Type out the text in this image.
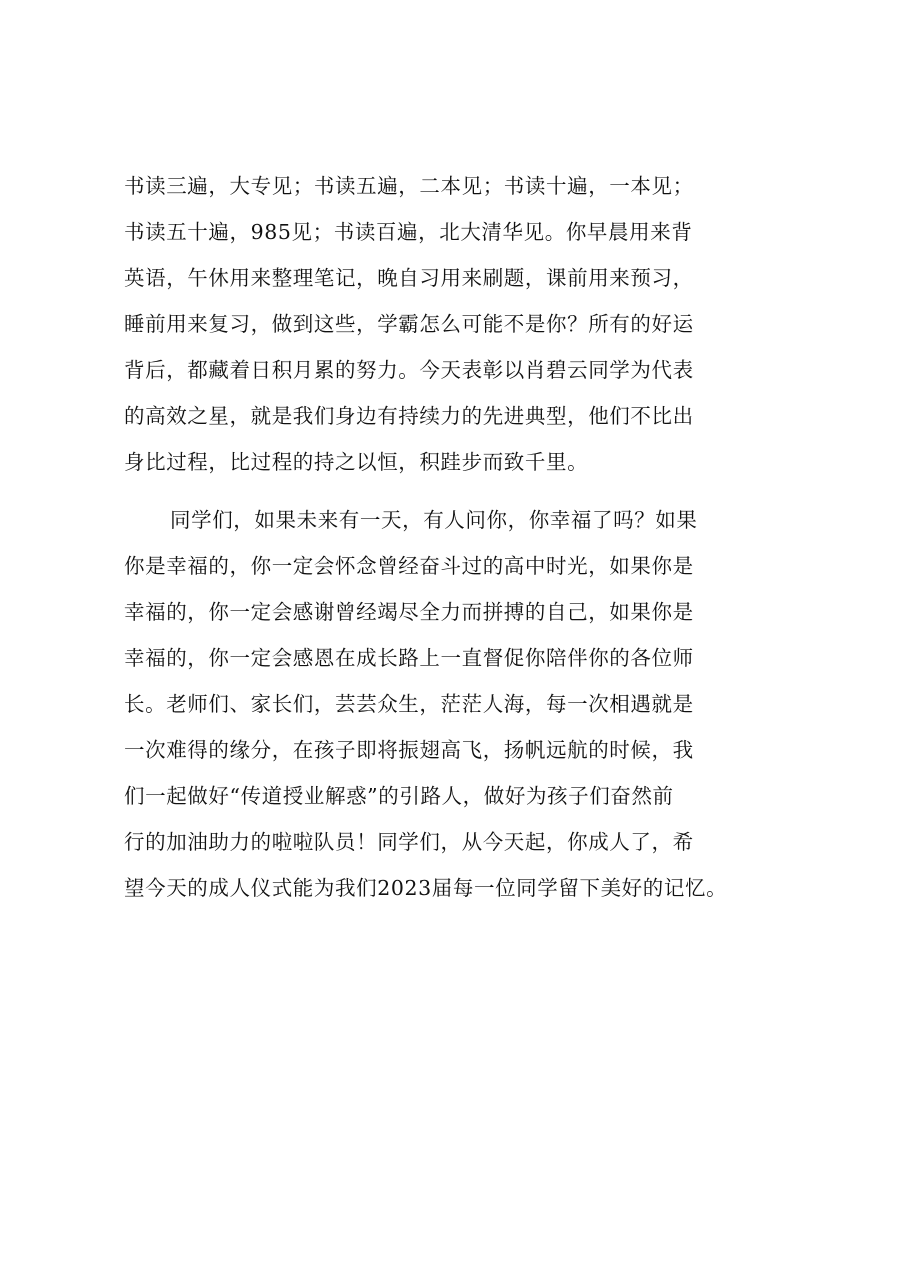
书读三遍，大专见；书读五遍，二本见；书读十遍，一本见；
书读五十遍，985见；书读百遍，北大清华见。你早晨用来背
英语，午休用来整理笔记，晚自习用来刷题，课前用来预习，
睡前用来复习，做到这些，学霸怎么可能不是你？所有的好运
背后，都藏着日积月累的努力。今天表彰以肖碧云同学为代表
的高效之星，就是我们身边有持续力的先进典型，他们不比出
身比过程，比过程的持之以恒，积跬步而致千里。
同学们，如果未来有一天，有人问你，你幸福了吗？如果
你是幸福的，你一定会怀念曾经奋斗过的高中时光，如果你是
幸福的，你一定会感谢曾经竭尽全力而拼搏的自己，如果你是
幸福的，你一定会感恩在成长路上一直督促你陪伴你的各位师
长。老师们、家长们，芸芸众生，茫茫人海，每一次相遇就是
一次难得的缘分，在孩子即将振翅高飞，扬帆远航的时候，我
们一起做好“传道授业解惑”的引路人，做好为孩子们奋然前
行的加油助力的啦啦队员！同学们，从今天起，你成人了，希
望今天的成人仪式能为我们2023届每一位同学留下美好的记忆。
